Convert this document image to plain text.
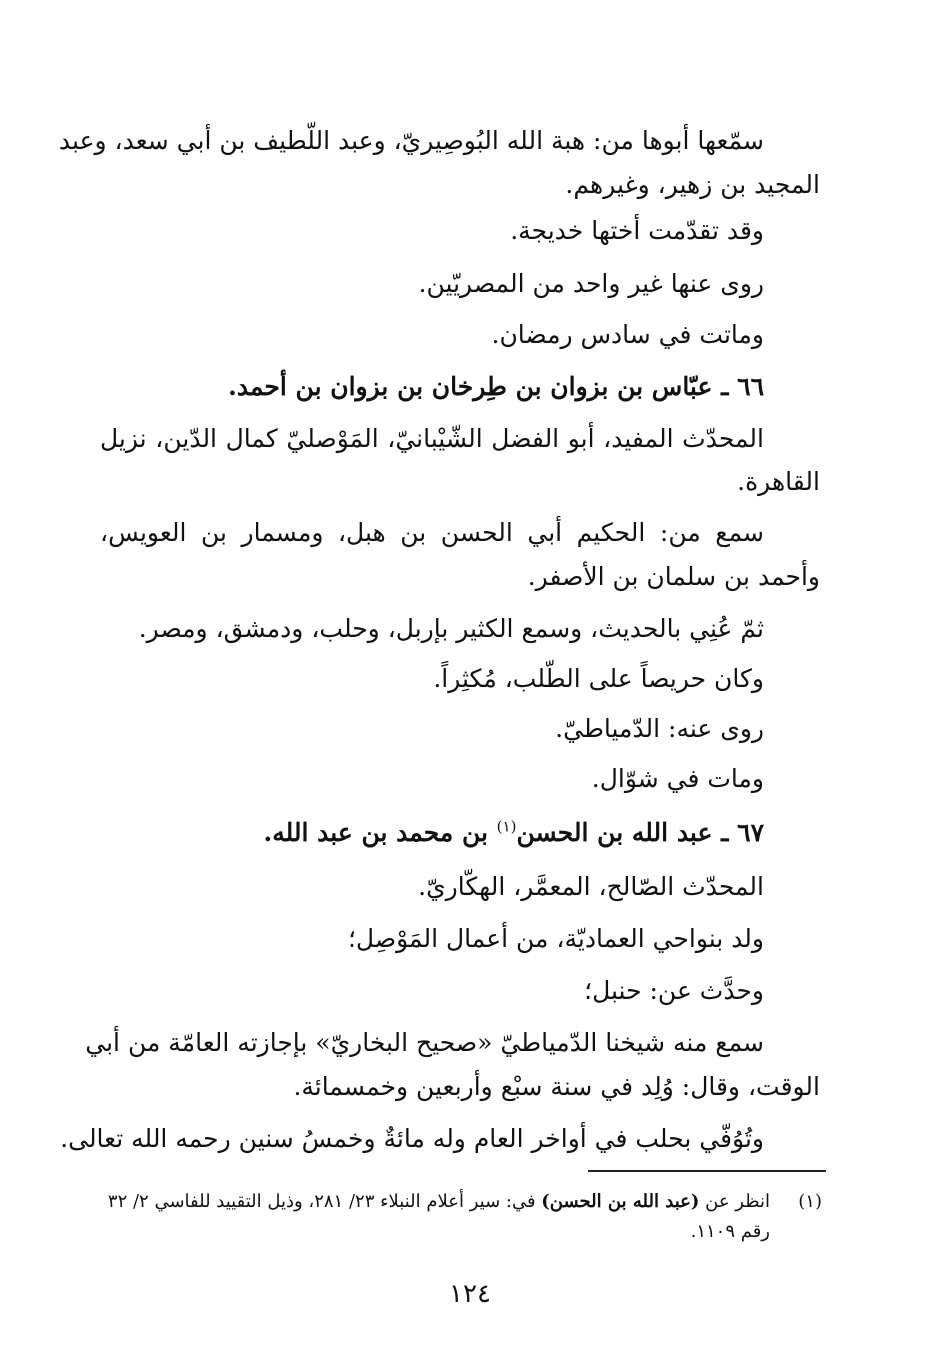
سمّعها أبوها من: هبة الله البُوصِيريّ، وعبد اللّطيف بن أبي سعد، وعبد
المجيد بن زهير، وغيرهم.
وقد تقدّمت أختها خديجة.
روى عنها غير واحد من المصريّين.
وماتت في سادس رمضان.
٦٦ ـ عبّاس بن بزوان بن طِرخان بن بزوان بن أحمد.
المحدّث المفيد، أبو الفضل الشّيْبانيّ، المَوْصليّ كمال الدّين، نزيل
القاهرة.
سمع من: الحكيم أبي الحسن بن هبل، ومسمار بن العويس،
وأحمد بن سلمان بن الأصفر.
ثمّ عُنِي بالحديث، وسمع الكثير بإربل، وحلب، ودمشق، ومصر.
وكان حريصاً على الطّلب، مُكثِراً.
روى عنه: الدّمياطيّ.
ومات في شوّال.
٦٧ ـ عبد الله بن الحسن$^{(١)}$ بن محمد بن عبد الله.
المحدّث الصّالح، المعمَّر، الهكّاريّ.
ولد بنواحي العماديّة، من أعمال المَوْصِل؛
وحدَّث عن: حنبل؛
سمع منه شيخنا الدّمياطيّ «صحيح البخاريّ» بإجازته العامّة من أبي
الوقت، وقال: وُلِد في سنة سبْع وأربعين وخمسمائة.
وتُوُفّي بحلب في أواخر العام وله مائةٌ وخمسُ سنين رحمه الله تعالى.
(١)
انظر عن (عبد الله بن الحسن) في: سير أعلام النبلاء ٢٣/ ٢٨١، وذيل التقييد للفاسي ٢/ ٣٢
رقم ١١٠٩.
١٢٤
